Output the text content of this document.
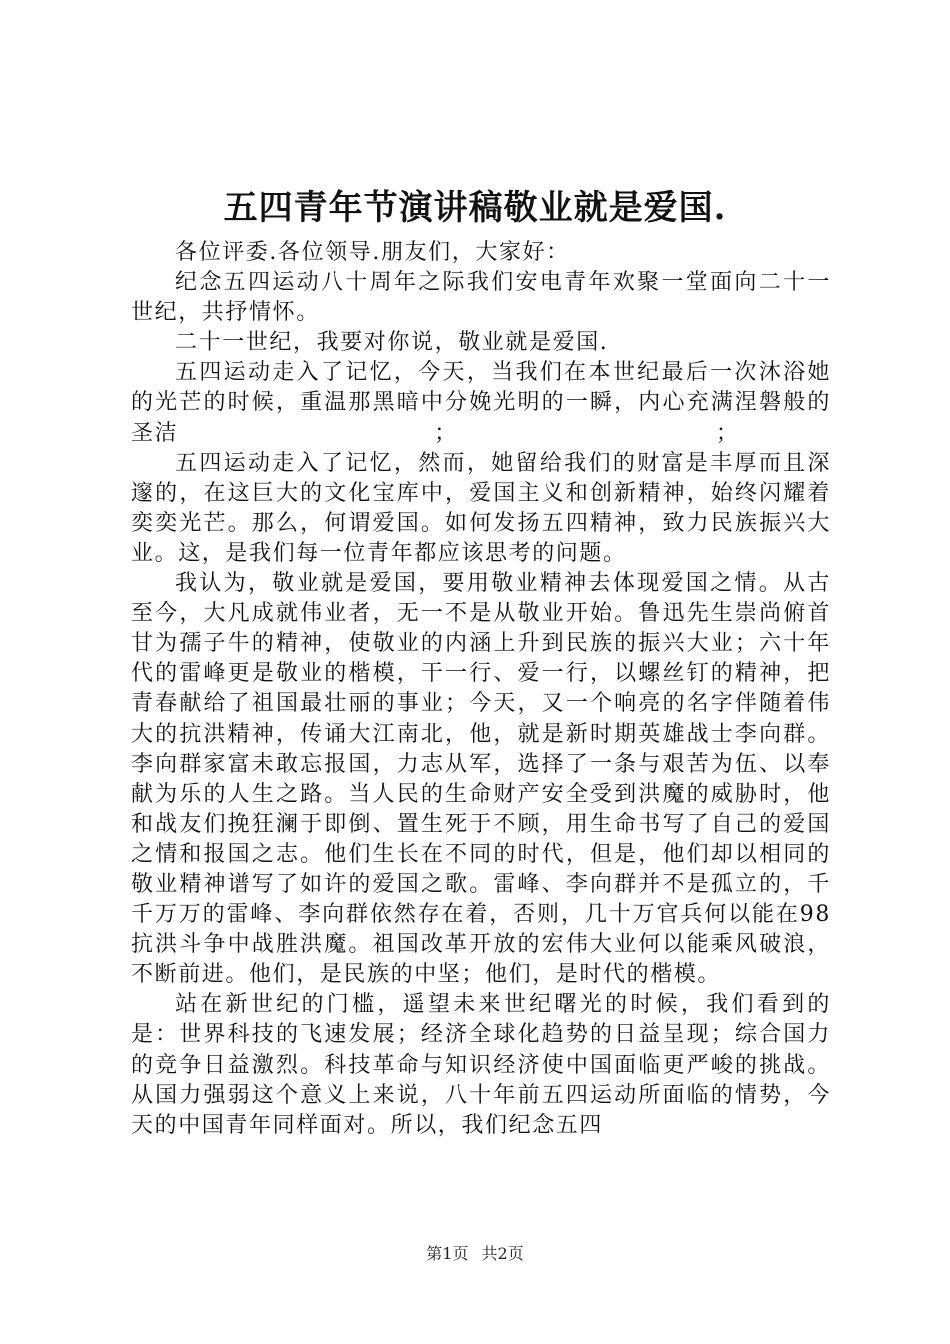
五四青年节演讲稿敬业就是爱国.

各位评委.各位领导.朋友们，大家好：

纪念五四运动八十周年之际我们安电青年欢聚一堂面向二十一世纪，共抒情怀。

二十一世纪，我要对你说，敬业就是爱国.

五四运动走入了记忆，今天，当我们在本世纪最后一次沐浴她的光芒的时候，重温那黑暗中分娩光明的一瞬，内心充满涅磐般的圣洁	；	；

五四运动走入了记忆，然而，她留给我们的财富是丰厚而且深邃的，在这巨大的文化宝库中，爱国主义和创新精神，始终闪耀着奕奕光芒。那么，何谓爱国。如何发扬五四精神，致力民族振兴大业。这，是我们每一位青年都应该思考的问题。

我认为，敬业就是爱国，要用敬业精神去体现爱国之情。从古至今，大凡成就伟业者，无一不是从敬业开始。鲁迅先生崇尚俯首甘为孺子牛的精神，使敬业的内涵上升到民族的振兴大业；六十年代的雷峰更是敬业的楷模，干一行、爱一行，以螺丝钉的精神，把青春献给了祖国最壮丽的事业；今天，又一个响亮的名字伴随着伟大的抗洪精神，传诵大江南北，他，就是新时期英雄战士李向群。李向群家富未敢忘报国，力志从军，选择了一条与艰苦为伍、以奉献为乐的人生之路。当人民的生命财产安全受到洪魔的威胁时，他和战友们挽狂澜于即倒、置生死于不顾，用生命书写了自己的爱国之情和报国之志。他们生长在不同的时代，但是，他们却以相同的敬业精神谱写了如许的爱国之歌。雷峰、李向群并不是孤立的，千千万万的雷峰、李向群依然存在着，否则，几十万官兵何以能在98抗洪斗争中战胜洪魔。祖国改革开放的宏伟大业何以能乘风破浪，不断前进。他们，是民族的中坚；他们，是时代的楷模。

站在新世纪的门槛，遥望未来世纪曙光的时候，我们看到的是：世界科技的飞速发展；经济全球化趋势的日益呈现；综合国力的竞争日益激烈。科技革命与知识经济使中国面临更严峻的挑战。从国力强弱这个意义上来说，八十年前五四运动所面临的情势，今天的中国青年同样面对。所以，我们纪念五四

第1页 共2页
